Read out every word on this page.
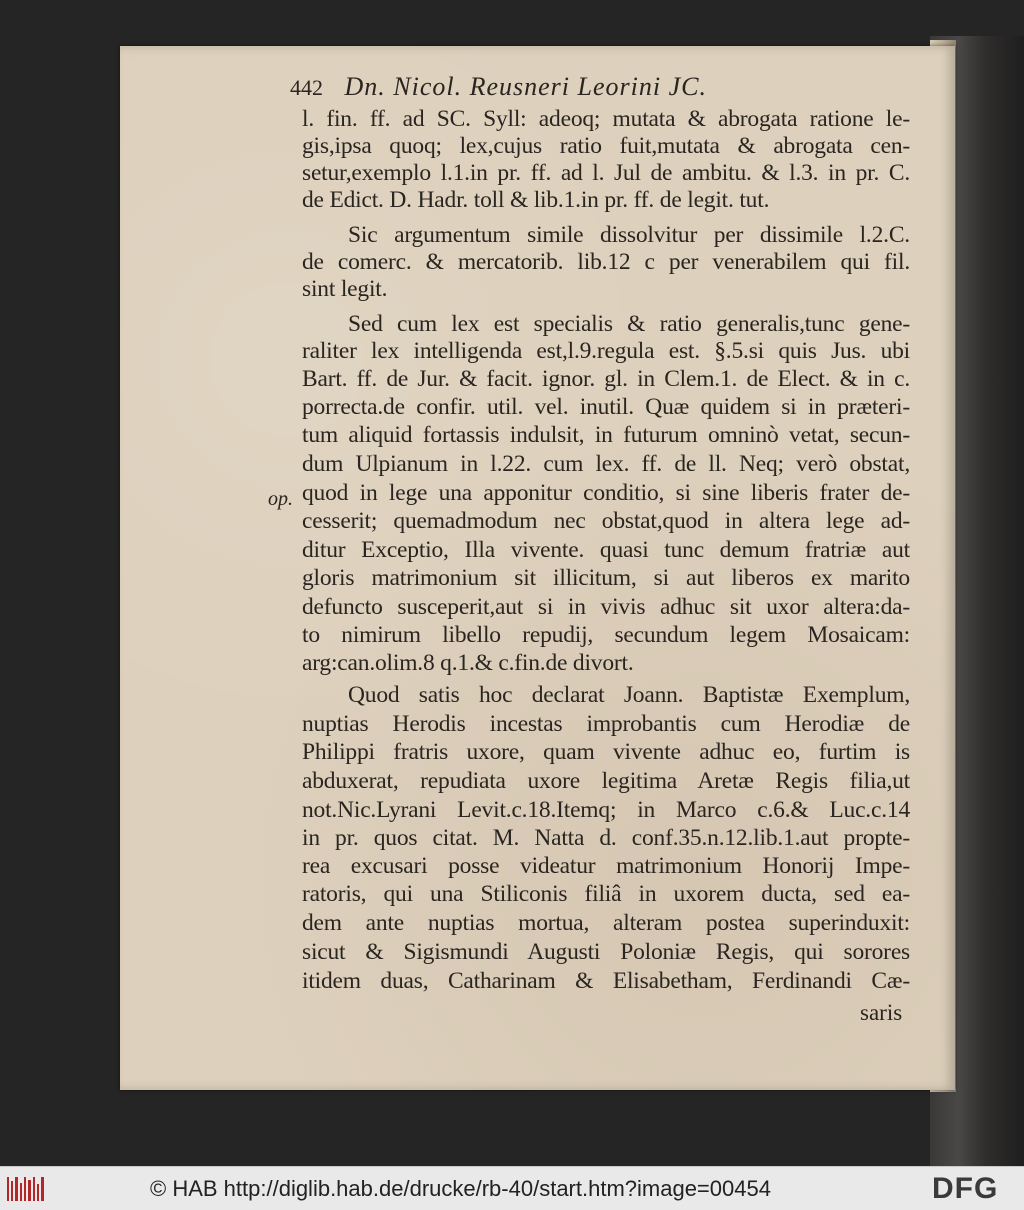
442 Dn. Nicol. Reusneri Leorini JC.
op.
l. fin. ff. ad SC. Syll: adeoq; mutata & abrogata ratione le-
gis,ipsa quoq; lex,cujus ratio fuit,mutata & abrogata cen-
setur,exemplo l.1.in pr. ff. ad l. Jul de ambitu. & l.3. in pr. C.
de Edict. D. Hadr. toll & lib.1.in pr. ff. de legit. tut.
Sic argumentum simile dissolvitur per dissimile l.2.C.
de comerc. & mercatorib. lib.12 c per venerabilem qui fil.
sint legit.
Sed cum lex est specialis & ratio generalis,tunc gene-
raliter lex intelligenda est,l.9.regula est. §.5.si quis Jus. ubi
Bart. ff. de Jur. & facit. ignor. gl. in Clem.1. de Elect. & in c.
porrecta.de confir. util. vel. inutil. Quæ quidem si in præteri-
tum aliquid fortassis indulsit, in futurum omninò vetat, secun-
dum Ulpianum in l.22. cum lex. ff. de ll. Neq; verò obstat,
quod in lege una apponitur conditio, si sine liberis frater de-
cesserit; quemadmodum nec obstat,quod in altera lege ad-
ditur Exceptio, Illa vivente. quasi tunc demum fratriæ aut
gloris matrimonium sit illicitum, si aut liberos ex marito
defuncto susceperit,aut si in vivis adhuc sit uxor altera:da-
to nimirum libello repudij, secundum legem Mosaicam:
arg:can.olim.8 q.1.& c.fin.de divort.
Quod satis hoc declarat Joann. Baptistæ Exemplum,
nuptias Herodis incestas improbantis cum Herodiæ de
Philippi fratris uxore, quam vivente adhuc eo, furtim is
abduxerat, repudiata uxore legitima Aretæ Regis filia,ut
not.Nic.Lyrani Levit.c.18.Itemq; in Marco c.6.& Luc.c.14
in pr. quos citat. M. Natta d. conf.35.n.12.lib.1.aut proptе-
rea excusari posse videatur matrimonium Honorij Impe-
ratoris, qui una Stiliconis filiâ in uxorem ducta, sed ea-
dem ante nuptias mortua, alteram postea superinduxit:
sicut & Sigismundi Augusti Poloniæ Regis, qui sorores
itidem duas, Catharinam & Elisabetham, Ferdinandi Cæ-
saris
© HAB http://diglib.hab.de/drucke/rb-40/start.htm?image=00454	DFG
